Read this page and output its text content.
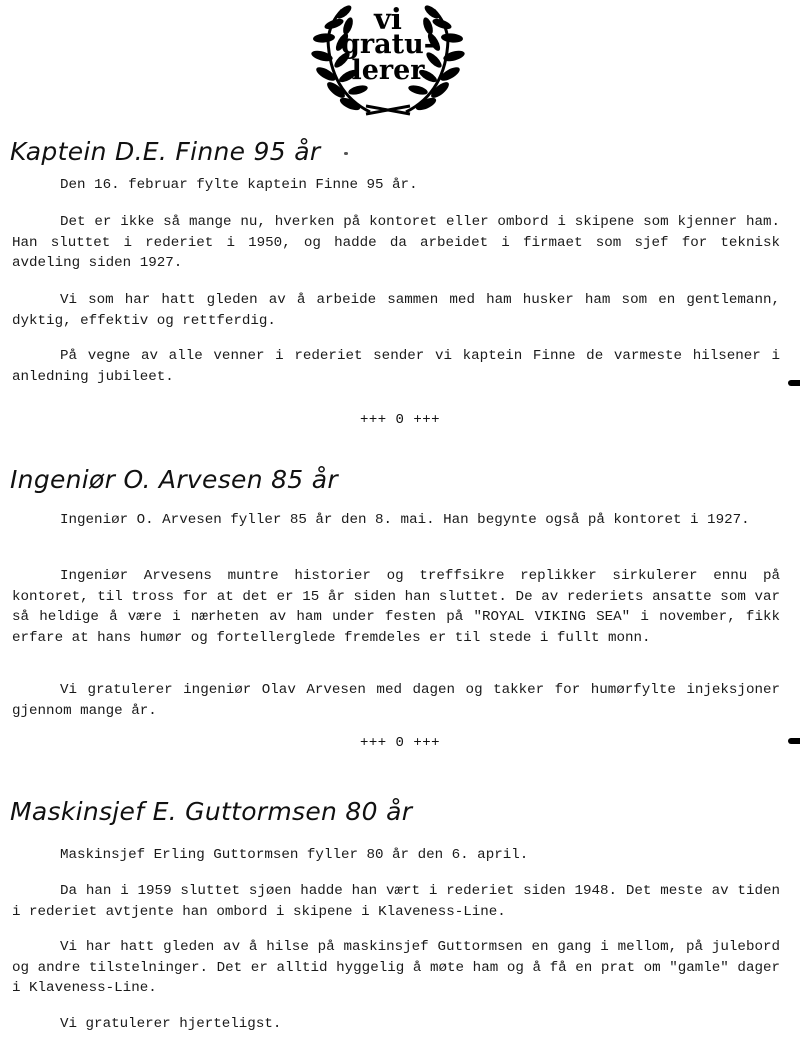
vi
gratu-
lerer
Kaptein D.E. Finne 95 år
Den 16. februar fylte kaptein Finne 95 år.
Det er ikke så mange nu, hverken på kontoret eller ombord i skipene som kjenner ham. Han sluttet i rederiet i 1950, og hadde da arbeidet i firmaet som sjef for teknisk avdeling siden 1927.
Vi som har hatt gleden av å arbeide sammen med ham husker ham som en gentlemann, dyktig, effektiv og rettferdig.
På vegne av alle venner i rederiet sender vi kaptein Finne de varmeste hilsener i anledning jubileet.
+++ 0 +++
Ingeniør O. Arvesen 85 år
Ingeniør O. Arvesen fyller 85 år den 8. mai. Han begynte også på kontoret i 1927.
Ingeniør Arvesens muntre historier og treffsikre replikker sirkulerer ennu på kontoret, til tross for at det er 15 år siden han sluttet. De av rederiets ansatte som var så heldige å være i nærheten av ham under festen på "ROYAL VIKING SEA" i november, fikk erfare at hans humør og fortellerglede fremdeles er til stede i fullt monn.
Vi gratulerer ingeniør Olav Arvesen med dagen og takker for humørfylte injeksjoner gjennom mange år.
+++ 0 +++
Maskinsjef E. Guttormsen 80 år
Maskinsjef Erling Guttormsen fyller 80 år den 6. april.
Da han i 1959 sluttet sjøen hadde han vært i rederiet siden 1948. Det meste av tiden i rederiet avtjente han ombord i skipene i Klaveness-Line.
Vi har hatt gleden av å hilse på maskinsjef Guttormsen en gang i mellom, på julebord og andre tilstelninger. Det er alltid hyggelig å møte ham og å få en prat om "gamle" dager i Klaveness-Line.
Vi gratulerer hjerteligst.
